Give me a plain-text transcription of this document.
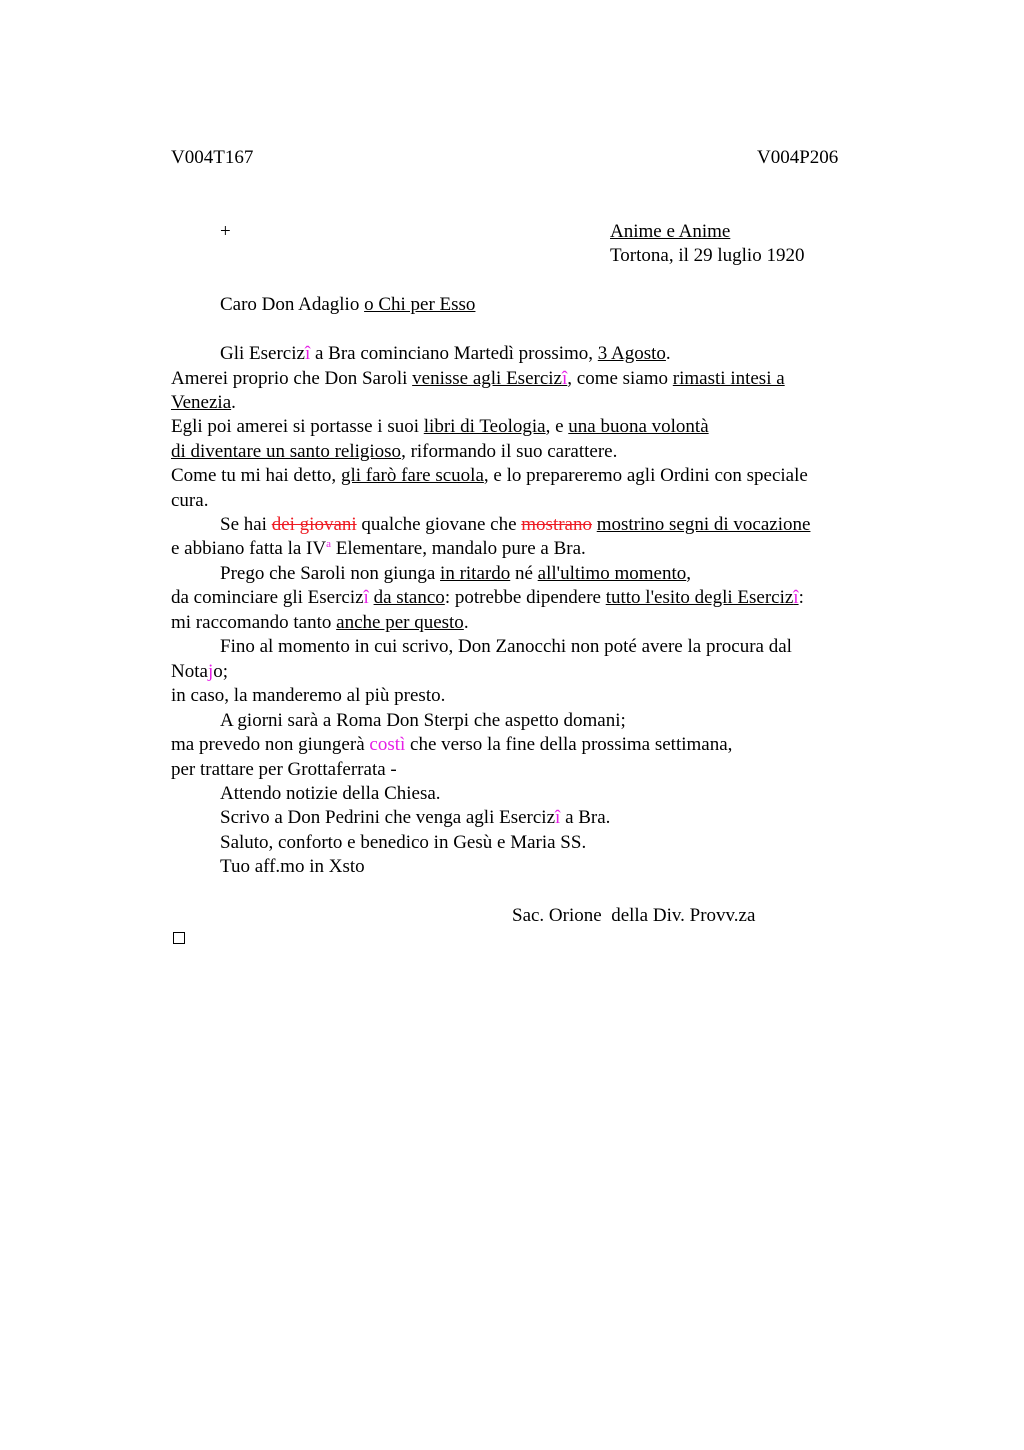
V004T167	V004P206
+	Anime e Anime
Tortona, il 29 luglio 1920
Caro Don Adaglio o Chi per Esso
Gli Esercizî a Bra cominciano Martedì prossimo, 3 Agosto.
Amerei proprio che Don Saroli venisse agli Esercizî, come siamo rimasti intesi a
Venezia.
Egli poi amerei si portasse i suoi libri di Teologia, e una buona volontà
di diventare un santo religioso, riformando il suo carattere.
Come tu mi hai detto, gli farò fare scuola, e lo prepareremo agli Ordini con speciale
cura.
Se hai dei giovani qualche giovane che mostrano mostrino segni di vocazione
e abbiano fatta la $IV^a$ Elementare, mandalo pure a Bra.
Prego che Saroli non giunga in ritardo né all'ultimo momento,
da cominciare gli Esercizî da stanco: potrebbe dipendere tutto l'esito degli Esercizî:
mi raccomando tanto anche per questo.
Fino al momento in cui scrivo, Don Zanocchi non poté avere la procura dal
Notajo;
in caso, la manderemo al più presto.
A giorni sarà a Roma Don Sterpi che aspetto domani;
ma prevedo non giungerà costì che verso la fine della prossima settimana,
per trattare per Grottaferrata -
Attendo notizie della Chiesa.
Scrivo a Don Pedrini che venga agli Esercizî a Bra.
Saluto, conforto e benedico in Gesù e Maria SS.
Tuo aff.mo in Xsto
Sac. Orione  della Div. Provv.za
